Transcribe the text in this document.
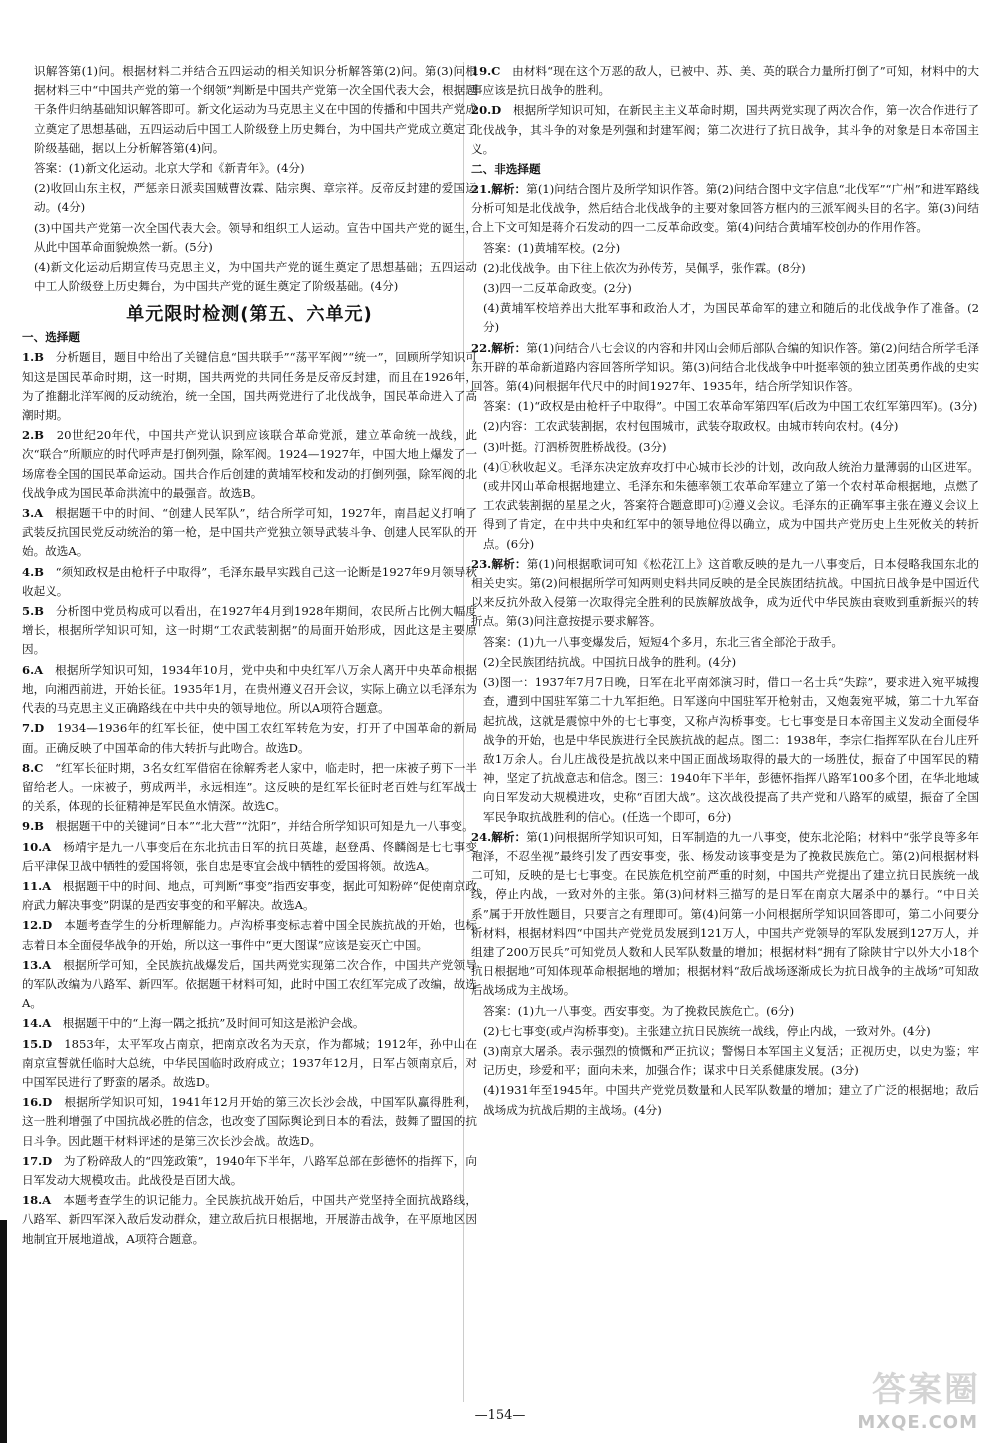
识解答第(1)问。根据材料二并结合五四运动的相关知识分析解答第(2)问。第(3)问根据材料三中“中国共产党的第一个纲领”判断是中国共产党第一次全国代表大会，根据题干条件归纳基础知识解答即可。新文化运动为马克思主义在中国的传播和中国共产党成立奠定了思想基础，五四运动后中国工人阶级登上历史舞台，为中国共产党成立奠定了阶级基础，据以上分析解答第(4)问。

答案：(1)新文化运动。北京大学和《新青年》。(4分)

(2)收回山东主权，严惩亲日派卖国贼曹汝霖、陆宗舆、章宗祥。反帝反封建的爱国运动。(4分)

(3)中国共产党第一次全国代表大会。领导和组织工人运动。宣告中国共产党的诞生，从此中国革命面貌焕然一新。(5分)

(4)新文化运动后期宣传马克思主义，为中国共产党的诞生奠定了思想基础；五四运动中工人阶级登上历史舞台，为中国共产党的诞生奠定了阶级基础。(4分)

单元限时检测(第五、六单元)
一、选择题

1.B　 分析题目，题目中给出了关键信息“国共联手”“荡平军阀”“统一”，回顾所学知识可知这是国民革命时期，这一时期，国共两党的共同任务是反帝反封建，而且在1926年，为了推翻北洋军阀的反动统治，统一全国，国共两党进行了北伐战争，国民革命进入了高潮时期。

2.B　 20世纪20年代，中国共产党认识到应该联合革命党派，建立革命统一战线，此次“联合”所顺应的时代呼声是打倒列强，除军阀。1924—1927年，中国大地上爆发了一场席卷全国的国民革命运动。国共合作后创建的黄埔军校和发动的打倒列强，除军阀的北伐战争成为国民革命洪流中的最强音。故选B。

3.A　 根据题干中的时间、“创建人民军队”，结合所学可知，1927年，南昌起义打响了武装反抗国民党反动统治的第一枪，是中国共产党独立领导武装斗争、创建人民军队的开始。故选A。

4.B　 “须知政权是由枪杆子中取得”，毛泽东最早实践自己这一论断是1927年9月领导秋收起义。

5.B　 分析图中党员构成可以看出，在1927年4月到1928年期间，农民所占比例大幅度增长，根据所学知识可知，这一时期“工农武装割据”的局面开始形成，因此这是主要原因。

6.A　 根据所学知识可知，1934年10月，党中央和中央红军八万余人离开中央革命根据地，向湘西前进，开始长征。1935年1月，在贵州遵义召开会议，实际上确立以毛泽东为代表的马克思主义正确路线在中共中央的领导地位。所以A项符合题意。

7.D　 1934—1936年的红军长征，使中国工农红军转危为安，打开了中国革命的新局面。正确反映了中国革命的伟大转折与此吻合。故选D。

8.C　 “红军长征时期，3名女红军借宿在徐解秀老人家中，临走时，把一床被子剪下一半留给老人。一床被子，剪成两半，永远相连”。这反映的是红军长征时老百姓与红军战士的关系，体现的长征精神是军民鱼水情深。故选C。

9.B　 根据题干中的关键词“日本”“北大营”“沈阳”，并结合所学知识可知是九一八事变。

10.A　 杨靖宇是九一八事变后在东北抗击日军的抗日英雄，赵登禹、佟麟阁是七七事变后平津保卫战中牺牲的爱国将领，张自忠是枣宜会战中牺牲的爱国将领。故选A。

11.A　 根据题干中的时间、地点，可判断“事变”指西安事变，据此可知粉碎“促使南京政府武力解决事变”阴谋的是西安事变的和平解决。故选A。

12.D　 本题考查学生的分析理解能力。卢沟桥事变标志着中国全民族抗战的开始，也标志着日本全面侵华战争的开始，所以这一事件中“更大图谋”应该是妄灭亡中国。

13.A　 根据所学可知，全民族抗战爆发后，国共两党实现第二次合作，中国共产党领导的军队改编为八路军、新四军。依据题干材料可知，此时中国工农红军完成了改编，故选A。

14.A　 根据题干中的“上海一隅之抵抗”及时间可知这是淞沪会战。

15.D　 1853年，太平军攻占南京，把南京改名为天京，作为都城；1912年，孙中山在南京宣誓就任临时大总统，中华民国临时政府成立；1937年12月，日军占领南京后，对中国军民进行了野蛮的屠杀。故选D。

16.D　 根据所学知识可知，1941年12月开始的第三次长沙会战，中国军队赢得胜利，这一胜利增强了中国抗战必胜的信念，也改变了国际舆论到日本的看法，鼓舞了盟国的抗日斗争。因此题干材料评述的是第三次长沙会战。故选D。

17.D　 为了粉碎敌人的“四笼政策”，1940年下半年，八路军总部在彭德怀的指挥下，向日军发动大规模攻击。此战役是百团大战。

18.A　 本题考查学生的识记能力。全民族抗战开始后，中国共产党坚持全面抗战路线，八路军、新四军深入敌后发动群众，建立敌后抗日根据地，开展游击战争，在平原地区因地制宜开展地道战，A项符合题意。

19.C　 由材料“现在这个万恶的敌人，已被中、苏、美、英的联合力量所打倒了”可知，材料中的大事应该是抗日战争的胜利。

20.D　 根据所学知识可知，在新民主主义革命时期，国共两党实现了两次合作，第一次合作进行了北伐战争，其斗争的对象是列强和封建军阀；第二次进行了抗日战争，其斗争的对象是日本帝国主义。

二、非选择题

21.解析：第(1)问结合图片及所学知识作答。第(2)问结合图中文字信息“北伐军”“广州”和进军路线分析可知是北伐战争，然后结合北伐战争的主要对象回答方框内的三派军阀头目的名字。第(3)问结合上下文可知是蒋介石发动的四一二反革命政变。第(4)问结合黄埔军校创办的作用作答。

答案：(1)黄埔军校。(2分)

(2)北伐战争。由下往上依次为孙传芳，吴佩孚，张作霖。(8分)

(3)四一二反革命政变。(2分)

(4)黄埔军校培养出大批军事和政治人才，为国民革命军的建立和随后的北伐战争作了准备。(2分)

22.解析：第(1)问结合八七会议的内容和井冈山会师后部队合编的知识作答。第(2)问结合所学毛泽东开辟的革命新道路内容回答所学知识。第(3)问结合北伐战争中叶挺率领的独立团英勇作战的史实回答。第(4)问根据年代尺中的时间1927年、1935年，结合所学知识作答。

答案：(1)“政权是由枪杆子中取得”。中国工农革命军第四军(后改为中国工农红军第四军)。(3分)

(2)内容：工农武装割据，农村包围城市，武装夺取政权。由城市转向农村。(4分)

(3)叶挺。汀泗桥贺胜桥战役。(3分)

(4)①秋收起义。毛泽东决定放弃攻打中心城市长沙的计划，改向敌人统治力量薄弱的山区进军。(或井冈山革命根据地建立、毛泽东和朱德率领工农革命军建立了第一个农村革命根据地，点燃了工农武装割据的星星之火，答案符合题意即可)②遵义会议。毛泽东的正确军事主张在遵义会议上得到了肯定，在中共中央和红军中的领导地位得以确立，成为中国共产党历史上生死攸关的转折点。(6分)

23.解析：第(1)问根据歌词可知《松花江上》这首歌反映的是九一八事变后，日本侵略我国东北的相关史实。第(2)问根据所学可知两则史料共同反映的是全民族团结抗战。中国抗日战争是中国近代以来反抗外敌入侵第一次取得完全胜利的民族解放战争，成为近代中华民族由衰败到重新振兴的转折点。第(3)问注意按提示要求解答。

答案：(1)九一八事变爆发后，短短4个多月，东北三省全部沦于敌手。

(2)全民族团结抗战。中国抗日战争的胜利。(4分)

(3)图一：1937年7月7日晚，日军在北平南郊演习时，借口一名士兵“失踪”，要求进入宛平城搜查，遭到中国驻军第二十九军拒绝。日军遂向中国驻军开枪射击，又炮轰宛平城，第二十九军奋起抗战，这就是震惊中外的七七事变，又称卢沟桥事变。七七事变是日本帝国主义发动全面侵华战争的开始，也是中华民族进行全民族抗战的起点。图二：1938年，李宗仁指挥军队在台儿庄歼敌1万余人。台儿庄战役是抗战以来中国正面战场取得的最大的一场胜仗，振奋了中国军民的精神，坚定了抗战意志和信念。图三：1940年下半年，彭德怀指挥八路军100多个团，在华北地域向日军发动大规模进攻，史称“百团大战”。这次战役提高了共产党和八路军的威望，振奋了全国军民争取抗战胜利的信心。(任选一个即可，6分)

24.解析：第(1)问根据所学知识可知，日军制造的九一八事变，使东北沦陷；材料中“张学良等多年袍泽，不忍坐视”最终引发了西安事变，张、杨发动该事变是为了挽救民族危亡。第(2)问根据材料二可知，反映的是七七事变。在民族危机空前严重的时刻，中国共产党提出了建立抗日民族统一战线，停止内战，一致对外的主张。第(3)问材料三描写的是日军在南京大屠杀中的暴行。“中日关系”属于开放性题目，只要言之有理即可。第(4)问第一小问根据所学知识回答即可，第二小问要分析材料，根据材料四“中国共产党党员发展到121万人，中国共产党领导的军队发展到127万人，并组建了200万民兵”可知党员人数和人民军队数量的增加；根据材料“拥有了除陕甘宁以外大小18个抗日根据地”可知体现革命根据地的增加；根据材料“敌后战场逐渐成长为抗日战争的主战场”可知敌后战场成为主战场。

答案：(1)九一八事变。西安事变。为了挽救民族危亡。(6分)

(2)七七事变(或卢沟桥事变)。主张建立抗日民族统一战线，停止内战，一致对外。(4分)

(3)南京大屠杀。表示强烈的愤慨和严正抗议；警惕日本军国主义复活；正视历史，以史为鉴；牢记历史，珍爱和平；面向未来，加强合作；谋求中日关系健康发展。(3分)

(4)1931年至1945年。中国共产党党员数量和人民军队数量的增加；建立了广泛的根据地；敌后战场成为抗战后期的主战场。(4分)

—154—
答案圈
MXQE.COM
